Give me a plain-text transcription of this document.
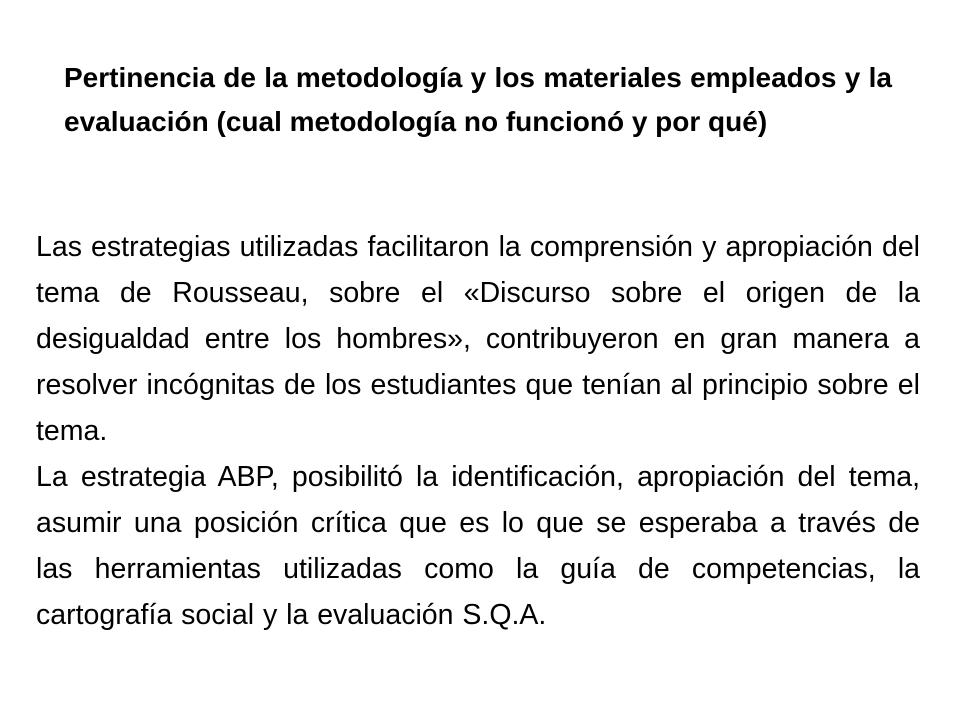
Pertinencia de la metodología y los materiales empleados y la evaluación (cual metodología no funcionó y por qué)

Las estrategias utilizadas facilitaron la comprensión y apropiación del tema de Rousseau, sobre el «Discurso sobre el origen de la desigualdad entre los hombres», contribuyeron en gran manera a resolver incógnitas de los estudiantes que tenían al principio sobre el tema.

La estrategia ABP, posibilitó la identificación, apropiación del tema, asumir una posición crítica que es lo que se esperaba a través de las herramientas utilizadas como la guía de competencias, la cartografía social y la evaluación S.Q.A.
